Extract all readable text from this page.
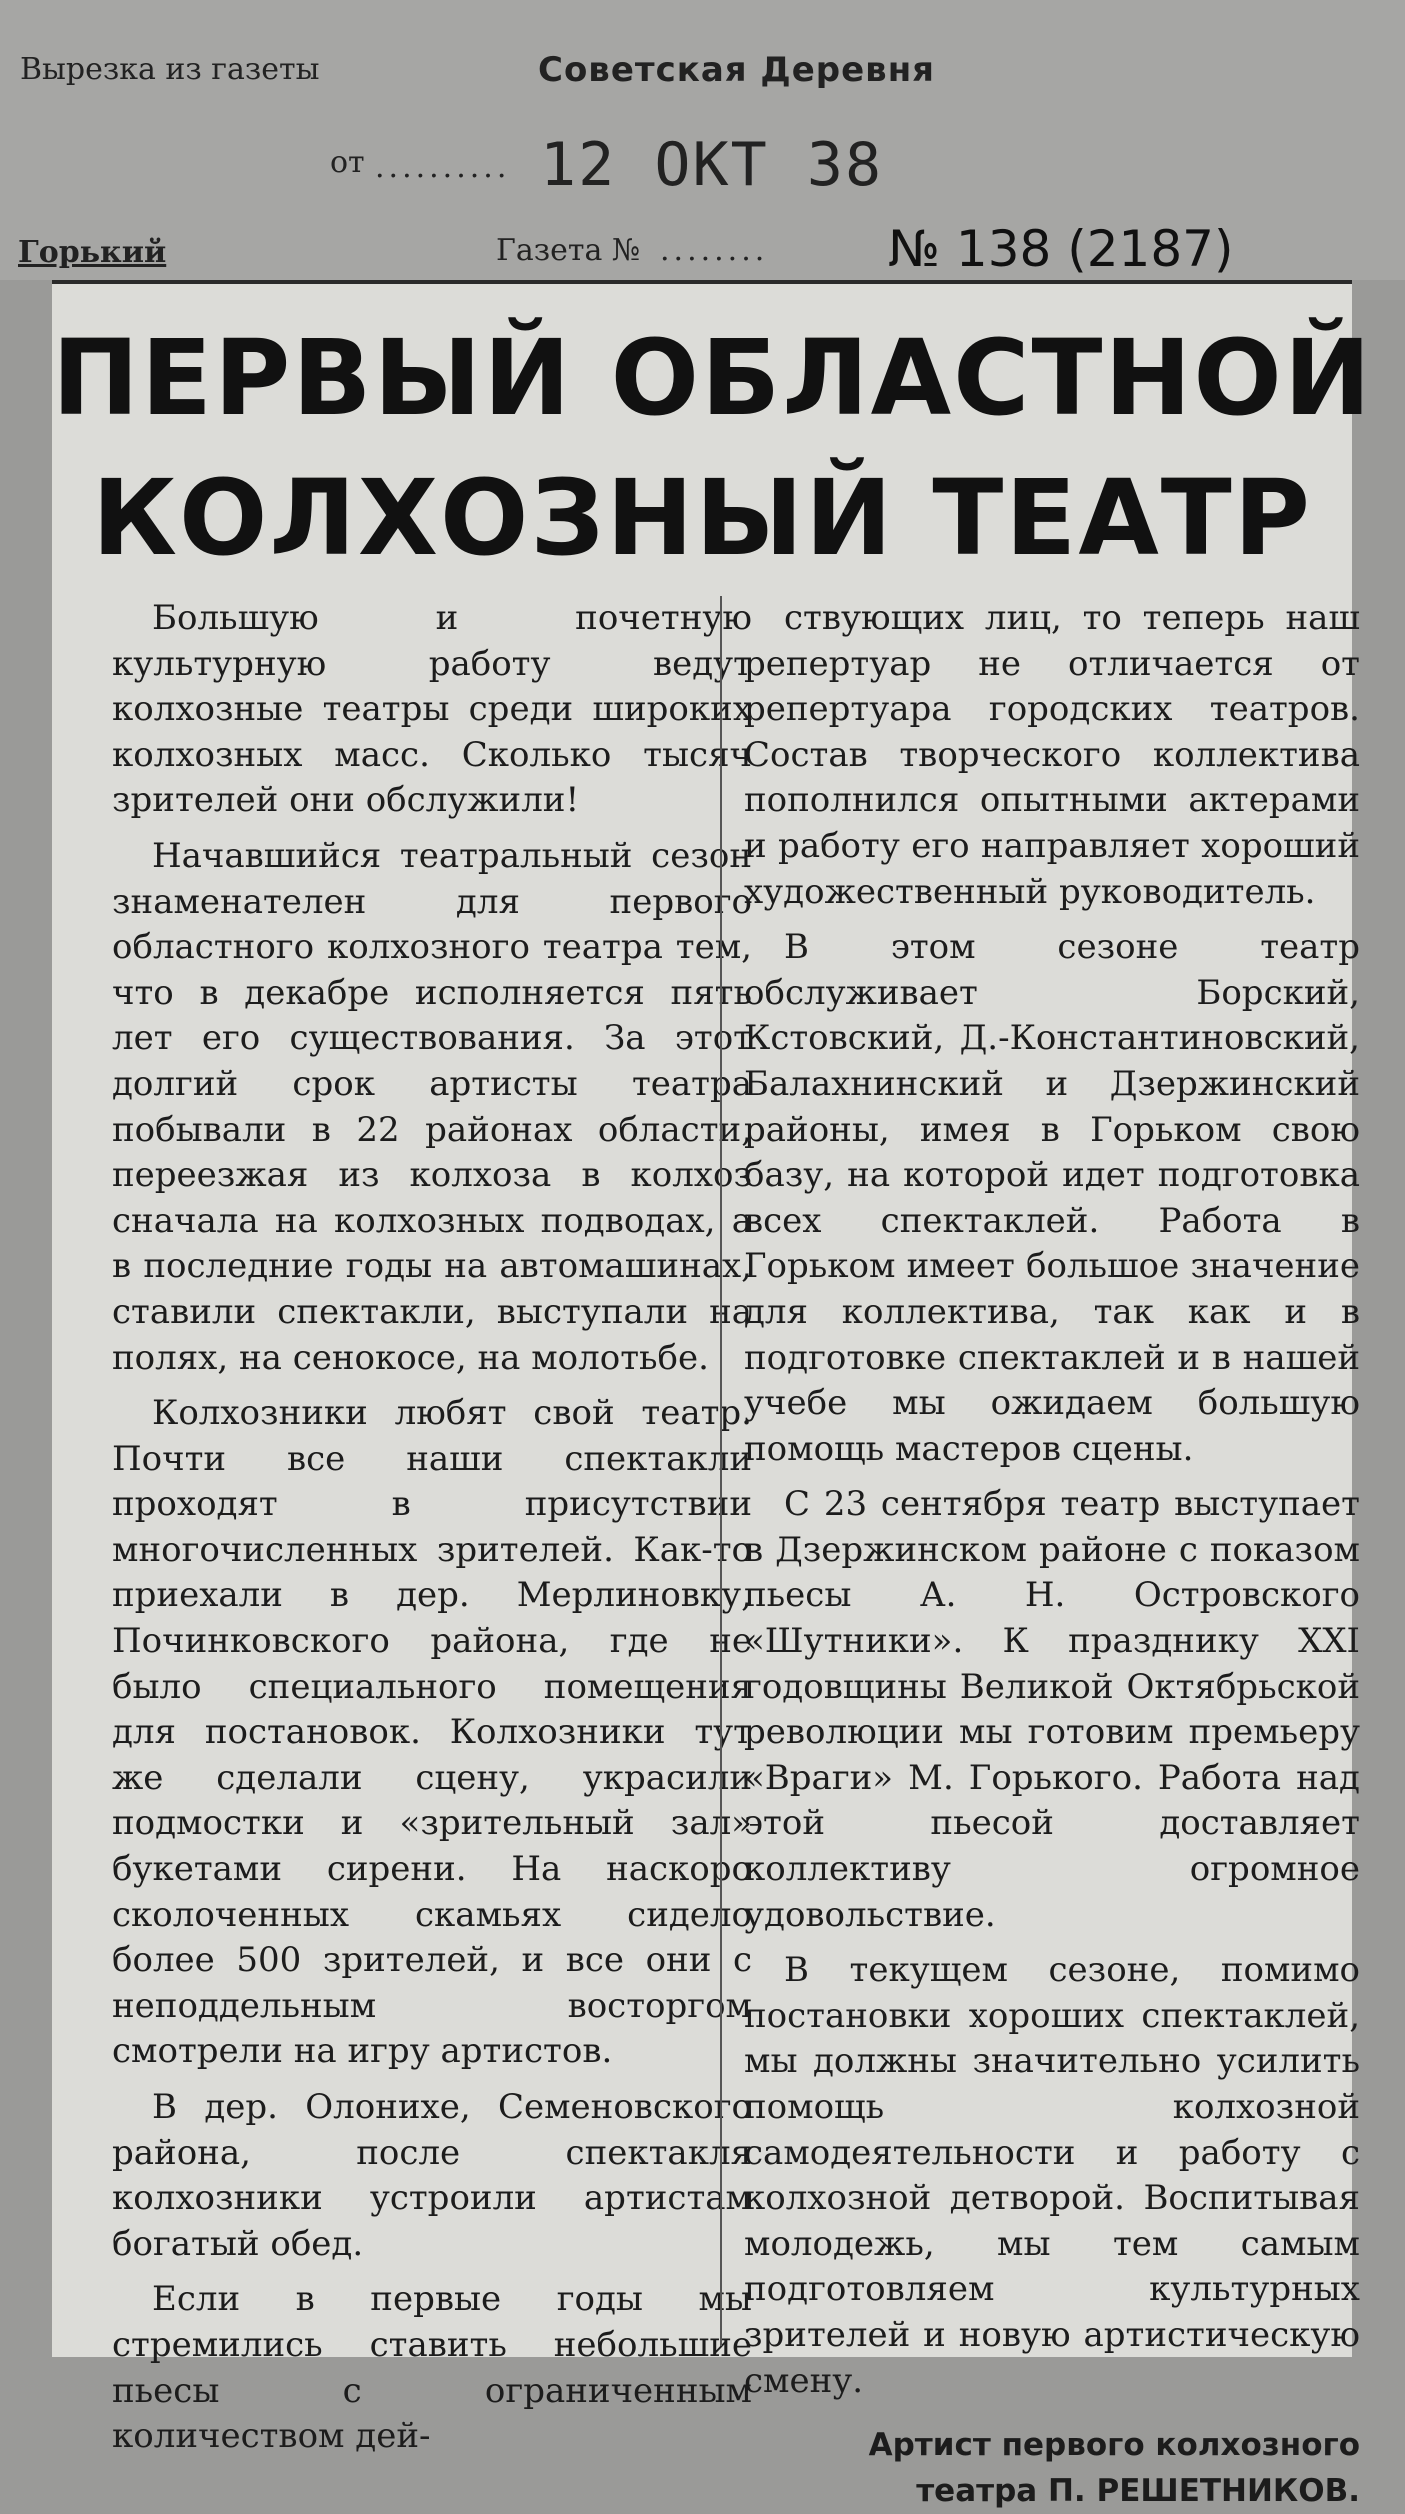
Вырезка из газеты	Советская Деревня
от .......... 12 ОКТ 38
Горький	Газета № ........ № 138 (2187)
ПЕРВЫЙ ОБЛАСТНОЙ
КОЛХОЗНЫЙ ТЕАТР

Большую и почетную культурную работу ведут колхозные театры среди широких колхозных масс. Сколько тысяч зрителей они обслужили!

Начавшийся театральный сезон знаменателен для первого областного колхозного театра тем, что в декабре исполняется пять лет его существования. За этот долгий срок артисты театра побывали в 22 районах области, переезжая из колхоза в колхоз сначала на колхозных подводах, а в последние годы на автомашинах, ставили спектакли, выступали на полях, на сенокосе, на молотьбе.

Колхозники любят свой театр. Почти все наши спектакли проходят в присутствии многочисленных зрителей. Как-то приехали в дер. Мерлиновку, Починковского района, где не было специального помещения для постановок. Колхозники тут же сделали сцену, украсили подмостки и «зрительный зал» букетами сирени. На наскоро сколоченных скамьях сидело более 500 зрителей, и все они с неподдельным восторгом смотрели на игру артистов.

В дер. Олонихе, Семеновского района, после спектакля колхозники устроили артистам богатый обед.

Если в первые годы мы стремились ставить небольшие пьесы с ограниченным количеством дей-

ствующих лиц, то теперь наш репертуар не отличается от репертуара городских театров. Состав творческого коллектива пополнился опытными актерами и работу его направляет хороший художественный руководитель.

В этом сезоне театр обслуживает Борский, Кстовский, Д.-Константиновский, Балахнинский и Дзержинский районы, имея в Горьком свою базу, на которой идет подготовка всех спектаклей. Работа в Горьком имеет большое значение для коллектива, так как и в подготовке спектаклей и в нашей учебе мы ожидаем большую помощь мастеров сцены.

С 23 сентября театр выступает в Дзержинском районе с показом пьесы А. Н. Островского «Шутники». К празднику XXI годовщины Великой Октябрьской революции мы готовим премьеру «Враги» М. Горького. Работа над этой пьесой доставляет коллективу огромное удовольствие.

В текущем сезоне, помимо постановки хороших спектаклей, мы должны значительно усилить помощь колхозной самодеятельности и работу с колхозной детворой. Воспитывая молодежь, мы тем самым подготовляем культурных зрителей и новую артистическую смену.

Артист первого колхозного
театра П. РЕШЕТНИКОВ.
